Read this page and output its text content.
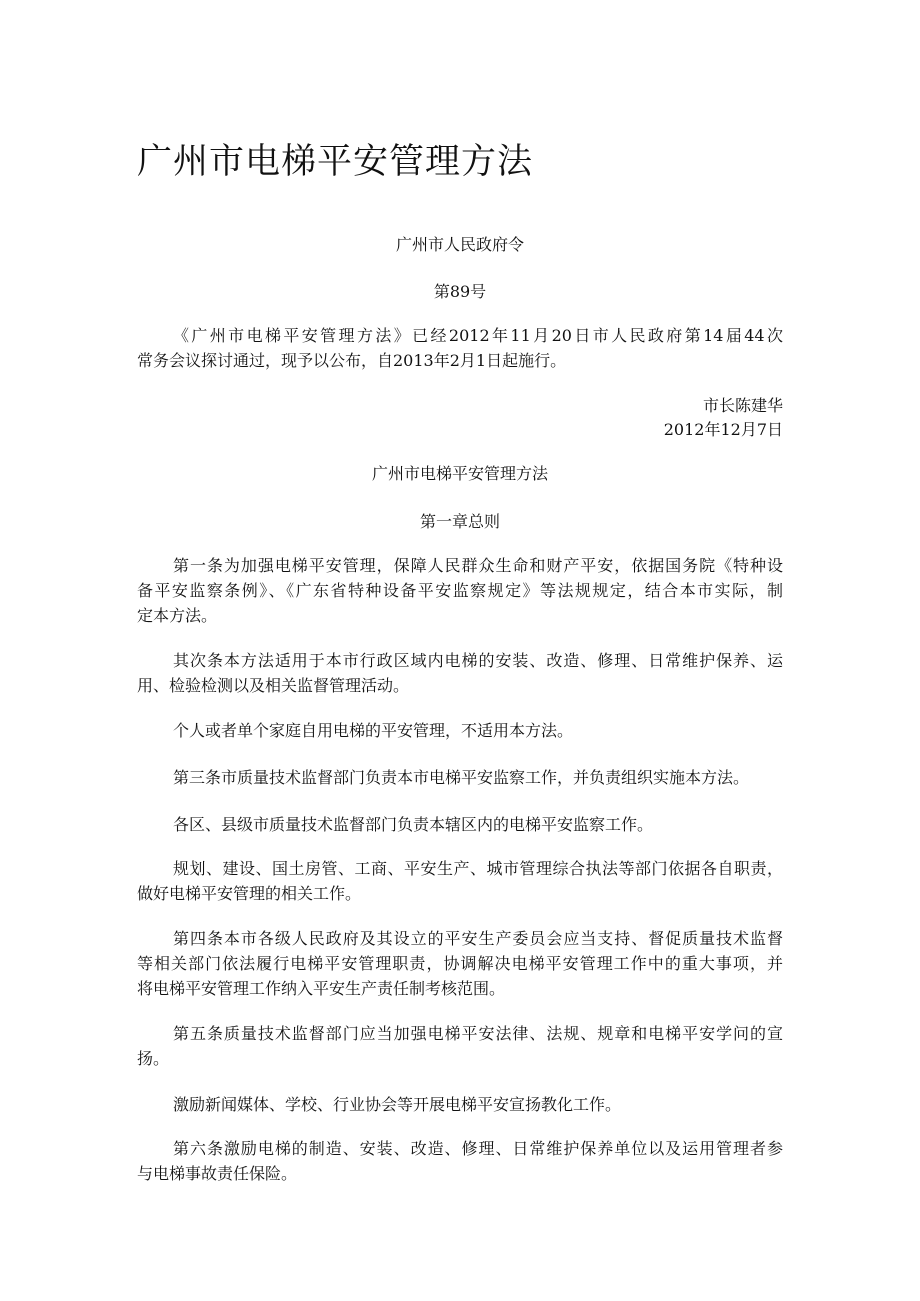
广州市电梯平安管理方法

广州市人民政府令

第89号

《广州市电梯平安管理方法》已经2012年11月20日市人民政府第14届44次
常务会议探讨通过，现予以公布，自2013年2月1日起施行。

市长陈建华

2012年12月7日

广州市电梯平安管理方法

第一章总则

第一条为加强电梯平安管理，保障人民群众生命和财产平安，依据国务院《特种设
备平安监察条例》、《广东省特种设备平安监察规定》等法规规定，结合本市实际，制
定本方法。

其次条本方法适用于本市行政区域内电梯的安装、改造、修理、日常维护保养、运
用、检验检测以及相关监督管理活动。

个人或者单个家庭自用电梯的平安管理，不适用本方法。

第三条市质量技术监督部门负责本市电梯平安监察工作，并负责组织实施本方法。

各区、县级市质量技术监督部门负责本辖区内的电梯平安监察工作。

规划、建设、国土房管、工商、平安生产、城市管理综合执法等部门依据各自职责，
做好电梯平安管理的相关工作。

第四条本市各级人民政府及其设立的平安生产委员会应当支持、督促质量技术监督
等相关部门依法履行电梯平安管理职责，协调解决电梯平安管理工作中的重大事项，并
将电梯平安管理工作纳入平安生产责任制考核范围。

第五条质量技术监督部门应当加强电梯平安法律、法规、规章和电梯平安学问的宣
扬。

激励新闻媒体、学校、行业协会等开展电梯平安宣扬教化工作。

第六条激励电梯的制造、安装、改造、修理、日常维护保养单位以及运用管理者参
与电梯事故责任保险。
